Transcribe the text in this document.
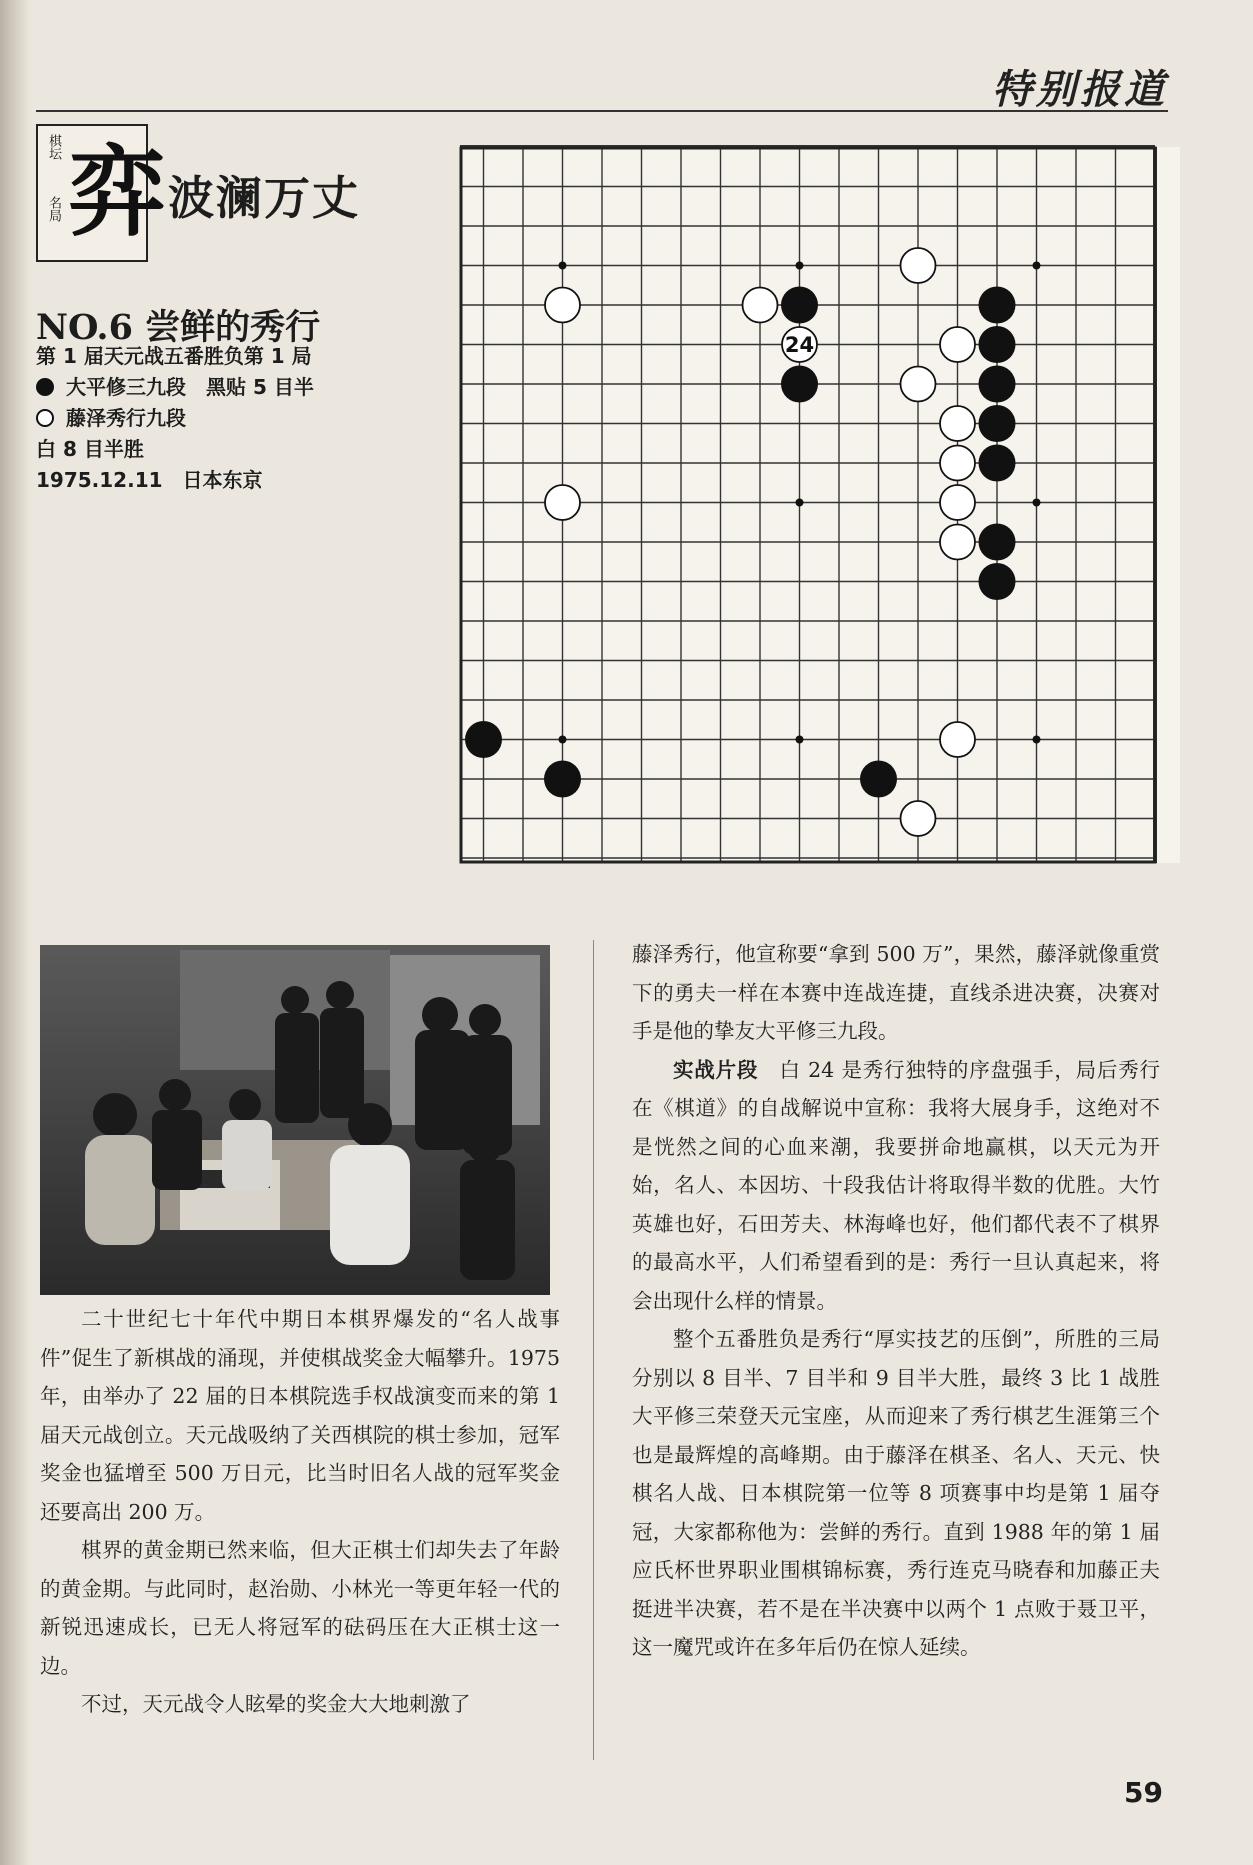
特别报道
棋坛
名局 弈 波澜万丈
NO.6 尝鲜的秀行
第 1 届天元战五番胜负第 1 局
大平修三九段　黑贴 5 目半
藤泽秀行九段
白 8 目半胜
1975.12.11　日本东京
24

二十世纪七十年代中期日本棋界爆发的“名人战事件”促生了新棋战的涌现，并使棋战奖金大幅攀升。1975 年，由举办了 22 届的日本棋院选手权战演变而来的第 1 届天元战创立。天元战吸纳了关西棋院的棋士参加，冠军奖金也猛增至 500 万日元，比当时旧名人战的冠军奖金还要高出 200 万。

棋界的黄金期已然来临，但大正棋士们却失去了年龄的黄金期。与此同时，赵治勋、小林光一等更年轻一代的新锐迅速成长，已无人将冠军的砝码压在大正棋士这一边。

不过，天元战令人眩晕的奖金大大地刺激了

藤泽秀行，他宣称要“拿到 500 万”，果然，藤泽就像重赏下的勇夫一样在本赛中连战连捷，直线杀进决赛，决赛对手是他的挚友大平修三九段。

实战片段　 白 24 是秀行独特的序盘强手，局后秀行在《棋道》的自战解说中宣称：我将大展身手，这绝对不是恍然之间的心血来潮，我要拼命地赢棋，以天元为开始，名人、本因坊、十段我估计将取得半数的优胜。大竹英雄也好，石田芳夫、林海峰也好，他们都代表不了棋界的最高水平，人们希望看到的是：秀行一旦认真起来，将会出现什么样的情景。

整个五番胜负是秀行“厚实技艺的压倒”，所胜的三局分别以 8 目半、7 目半和 9 目半大胜，最终 3 比 1 战胜大平修三荣登天元宝座，从而迎来了秀行棋艺生涯第三个也是最辉煌的高峰期。由于藤泽在棋圣、名人、天元、快棋名人战、日本棋院第一位等 8 项赛事中均是第 1 届夺冠，大家都称他为：尝鲜的秀行。直到 1988 年的第 1 届应氏杯世界职业围棋锦标赛，秀行连克马晓春和加藤正夫挺进半决赛，若不是在半决赛中以两个 1 点败于聂卫平，这一魔咒或许在多年后仍在惊人延续。

59
